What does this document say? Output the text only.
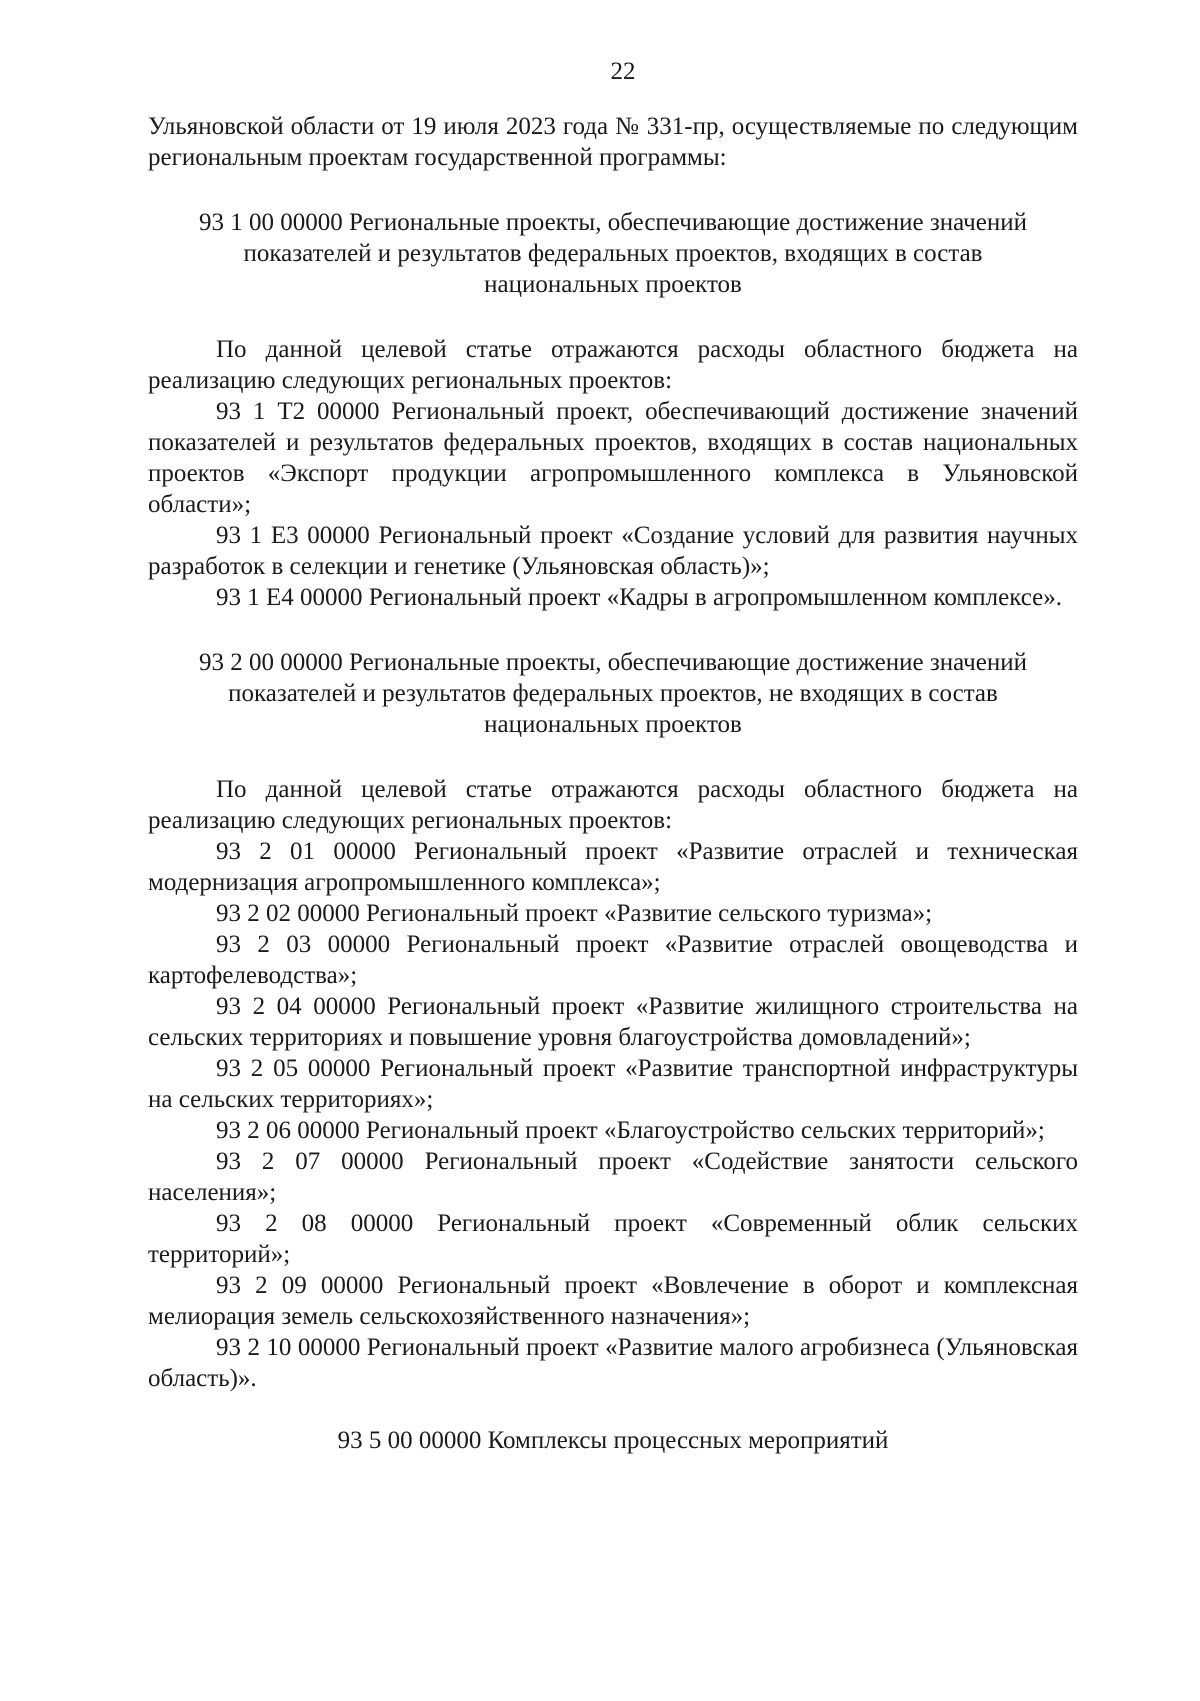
22

Ульяновской области от 19 июля 2023 года № 331-пр, осуществляемые по следующим региональным проектам государственной программы:

93 1 00 00000 Региональные проекты, обеспечивающие достижение значений показателей и результатов федеральных проектов, входящих в состав национальных проектов

По данной целевой статье отражаются расходы областного бюджета на реализацию следующих региональных проектов:

93 1 Т2 00000 Региональный проект, обеспечивающий достижение значений показателей и результатов федеральных проектов, входящих в состав национальных проектов «Экспорт продукции агропромышленного комплекса в Ульяновской области»;

93 1 Е3 00000 Региональный проект «Создание условий для развития научных разработок в селекции и генетике (Ульяновская область)»;

93 1 Е4 00000 Региональный проект «Кадры в агропромышленном комплексе».

93 2 00 00000 Региональные проекты, обеспечивающие достижение значений показателей и результатов федеральных проектов, не входящих в состав национальных проектов

По данной целевой статье отражаются расходы областного бюджета на реализацию следующих региональных проектов:

93 2 01 00000 Региональный проект «Развитие отраслей и техническая модернизация агропромышленного комплекса»;

93 2 02 00000 Региональный проект «Развитие сельского туризма»;

93 2 03 00000 Региональный проект «Развитие отраслей овощеводства и картофелеводства»;

93 2 04 00000 Региональный проект «Развитие жилищного строительства на сельских территориях и повышение уровня благоустройства домовладений»;

93 2 05 00000 Региональный проект «Развитие транспортной инфраструктуры на сельских территориях»;

93 2 06 00000 Региональный проект «Благоустройство сельских территорий»;

93 2 07 00000 Региональный проект «Содействие занятости сельского населения»;

93 2 08 00000 Региональный проект «Современный облик сельских территорий»;

93 2 09 00000 Региональный проект «Вовлечение в оборот и комплексная мелиорация земель сельскохозяйственного назначения»;

93 2 10 00000 Региональный проект «Развитие малого агробизнеса (Ульяновская область)».

93 5 00 00000 Комплексы процессных мероприятий
